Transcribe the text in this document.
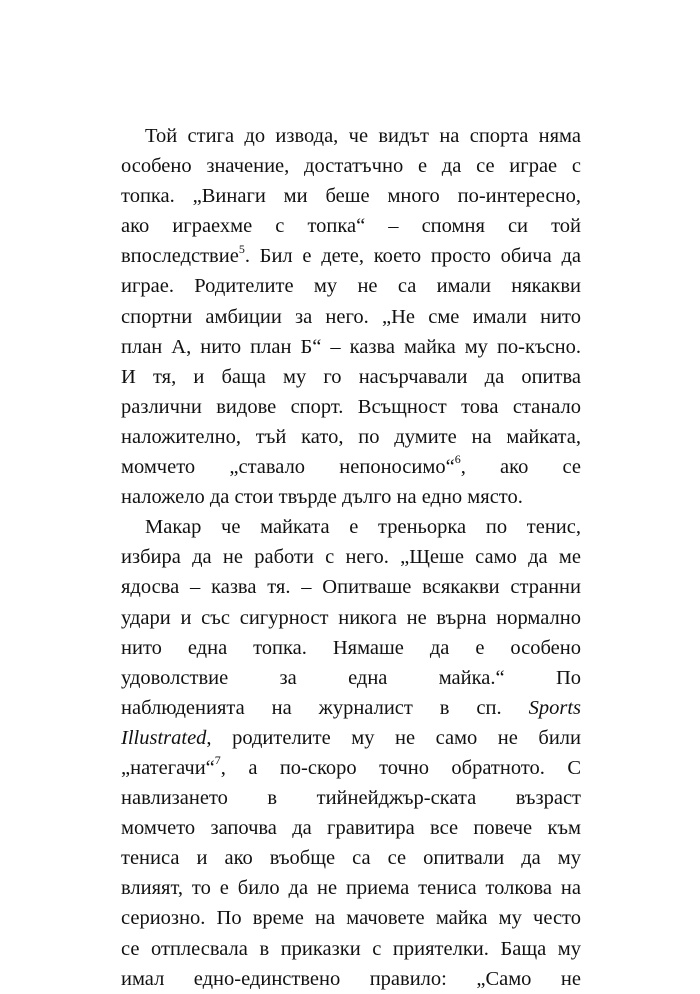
Той стига до извода, че видът на спорта няма
особено значение, достатъчно е да се играе с
топка. „Винаги ми беше много по-интересно,
ако играехме с топка“ – спомня си той
впоследствие$^5$. Бил е дете, което просто обича да
играе. Родителите му не са имали някакви
спортни амбиции за него. „Не сме имали нито
план А, нито план Б“ – казва майка му по-късно.
И тя, и баща му го насърчавали да опитва
различни видове спорт. Всъщност това станало
наложително, тъй като, по думите на майката,
момчето „ставало непоносимо“$^6$, ако се
наложело да стои твърде дълго на едно място.
Макар че майката е треньорка по тенис,
избира да не работи с него. „Щеше само да ме
ядосва – казва тя. – Опитваше всякакви странни
удари и със сигурност никога не върна нормално
нито една топка. Нямаше да е особено
удоволствие за една майка.“ По
наблюденията на журналист в сп. Sports
Illustrated, родителите му не само не били
„натегачи“$^7$, а по-скоро точно обратното. С
навлизането в тийнейджър-ската възраст
момчето започва да гравитира все повече към
тениса и ако въобще са се опитвали да му
влияят, то е било да не приема тениса толкова на
сериозно. По време на мачовете майка му често
се отплесвала в приказки с приятелки. Баща му
имал едно-единствено правило: „Само не
